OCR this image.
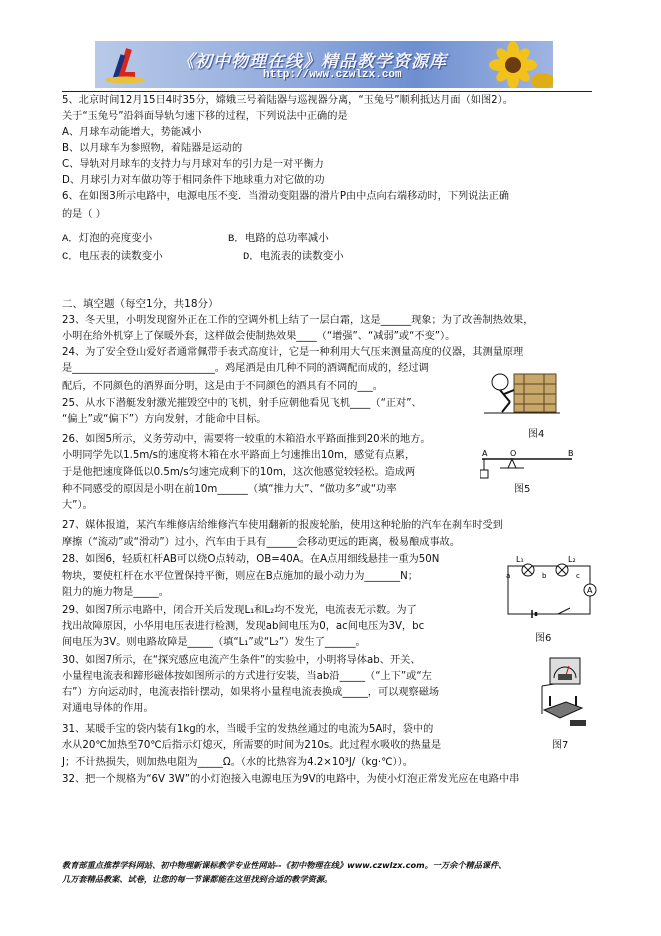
《初中物理在线》精品教学资源库
http://www.czwlzx.com
5、北京时间12月15日4时35分，嫦娥三号着陆器与巡视器分离，“玉兔号”顺利抵达月面（如图2）。
关于“玉兔号”沿斜面导轨匀速下移的过程，下列说法中正确的是
A、月球车动能增大，势能减小
B、以月球车为参照物，着陆器是运动的
C、导轨对月球车的支持力与月球对车的引力是一对平衡力
D、月球引力对车做功等于相同条件下地球重力对它做的功
6、在如图3所示电路中，电源电压不变．当滑动变阻器的滑片P由中点向右端移动时，下列说法正确
的是（ ）
二、填空题（每空1分，共18分）
23、冬天里，小明发现窗外正在工作的空调外机上结了一层白霜，这是______现象；为了改善制热效果，
小明在给外机穿上了保暖外套，这样做会使制热效果____（“增强”、“减弱”或“不变”）。
24、为了安全登山爱好者通常佩带手表式高度计，它是一种利用大气压来测量高度的仪器，其测量原理
是____________________________。鸡尾酒是由几种不同的酒调配而成的，经过调
配后，不同颜色的酒界面分明，这是由于不同颜色的酒具有不同的___。
25、从水下潜艇发射激光摧毁空中的飞机，射手应朝他看见飞机____（“正对”、
“偏上”或“偏下”）方向发射，才能命中目标。
26、如图5所示，义务劳动中，需要将一较重的木箱沿水平路面推到20米的地方。
小明同学先以1.5m/s的速度将木箱在水平路面上匀速推出10m，感觉有点累，
于是他把速度降低以0.5m/s匀速完成剩下的10m，这次他感觉较轻松。造成两
种不同感受的原因是小明在前10m______（填“推力大”、“做功多”或“功率
大”）。
27、媒体报道，某汽车维修店给维修汽车使用翻新的报废轮胎，使用这种轮胎的汽车在刹车时受到
摩擦（“流动”或“滑动”）过小，汽车由于具有______会移动更远的距离，极易酿成事故。
28、如图6，轻质杠杆AB可以绕O点转动，OB=40A。在A点用细线悬挂一重为50N
物块，要使杠杆在水平位置保持平衡，则应在B点施加的最小动力为_______N；
阻力的施力物是_____。
29、如图7所示电路中，闭合开关后发现L₁和L₂均不发光，电流表无示数。为了
找出故障原因，小华用电压表进行检测，发现ab间电压为0，ac间电压为3V，bc
间电压为3V。则电路故障是_____（填“L₁”或“L₂”）发生了______。
30、如图7所示，在“探究感应电流产生条件”的实验中，小明将导体ab、开关、
小量程电流表和蹄形磁体按如图所示的方式进行安装，当ab沿_____（“上下”或“左
右”）方向运动时，电流表指针摆动，如果将小量程电流表换成_____，可以观察磁场
对通电导体的作用。
31、某暖手宝的袋内装有1kg的水，当暖手宝的发热丝通过的电流为5A时，袋中的
水从20℃加热至70℃后指示灯熄灭，所需要的时间为210s。此过程水吸收的热量是
J；不计热损失，则加热电阻为_____Ω。（水的比热容为4.2×10³J/（kg·℃））。
32、把一个规格为“6V 3W”的小灯泡接入电源电压为9V的电路中，为使小灯泡正常发光应在电路中串
A．灯泡的亮度变小	B．电路的总功率减小
C．电压表的读数变小	D．电流表的读数变小
图4
A	O	B
图5
L₁	L₂
a	b	c
A
图6
图7
教育部重点推荐学科网站、初中物理新课标教学专业性网站--《初中物理在线》www.czwlzx.com。一万余个精品课件、
几万套精品教案、试卷，让您的每一节课都能在这里找到合适的教学资源。
